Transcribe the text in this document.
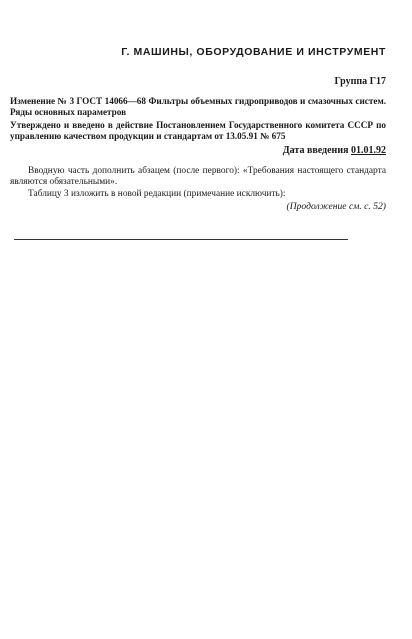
Г. МАШИНЫ, ОБОРУДОВАНИЕ И ИНСТРУМЕНТ
Группа Г17
Изменение № 3 ГОСТ 14066—68 Фильтры объемных гидроприводов и смазочных систем. Ряды основных параметров
Утверждено и введено в действие Постановлением Государственного комитета СССР по управлению качеством продукции и стандартам от 13.05.91 № 675
Дата введения 01.01.92
Вводную часть дополнить абзацем (после первого): «Требования настоящего стандарта являются обязательными».
Таблицу 3 изложить в новой редакции (примечание исключить):
(Продолжение см. с. 52)
